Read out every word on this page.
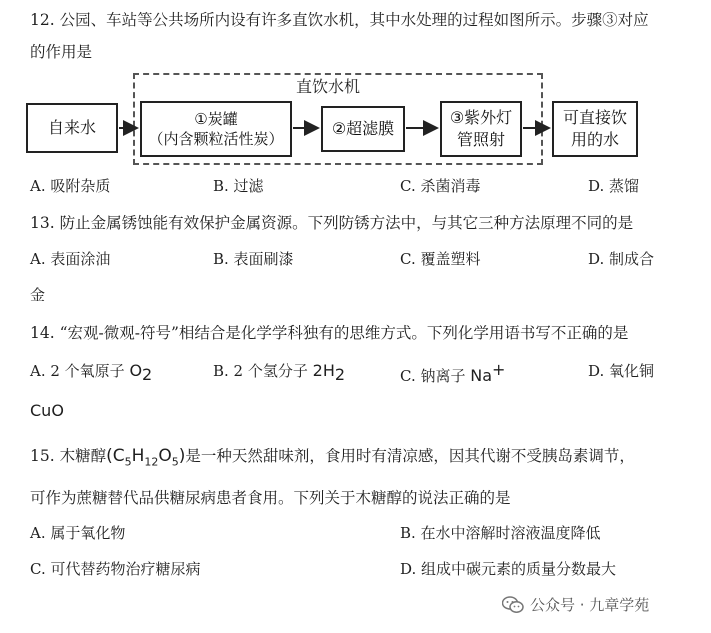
12. 公园、车站等公共场所内设有许多直饮水机，其中水处理的过程如图所示。步骤③对应
的作用是
直饮水机
自来水	①炭罐
（内含颗粒活性炭）
②超滤膜
③紫外灯
管照射
可直接饮
用的水
A. 吸附杂质	B. 过滤	C. 杀菌消毒	D. 蒸馏
13. 防止金属锈蚀能有效保护金属资源。下列防锈方法中，与其它三种方法原理不同的是
A. 表面涂油	B. 表面刷漆	C. 覆盖塑料	D. 制成合
金
14. “宏观-微观-符号”相结合是化学学科独有的思维方式。下列化学用语书写不正确的是
A. 2 个氧原子 $O_2$	B. 2 个氢分子 $2H_2$	C. 钠离子 Na+	D. 氧化铜
CuO
15. 木糖醇$(C_5H_{12}O_5)$是一种天然甜味剂，食用时有清凉感，因其代谢不受胰岛素调节，
可作为蔗糖替代品供糖尿病患者食用。下列关于木糖醇的说法正确的是
A. 属于氧化物	B. 在水中溶解时溶液温度降低
C. 可代替药物治疗糖尿病	D. 组成中碳元素的质量分数最大
公众号 · 九章学苑
